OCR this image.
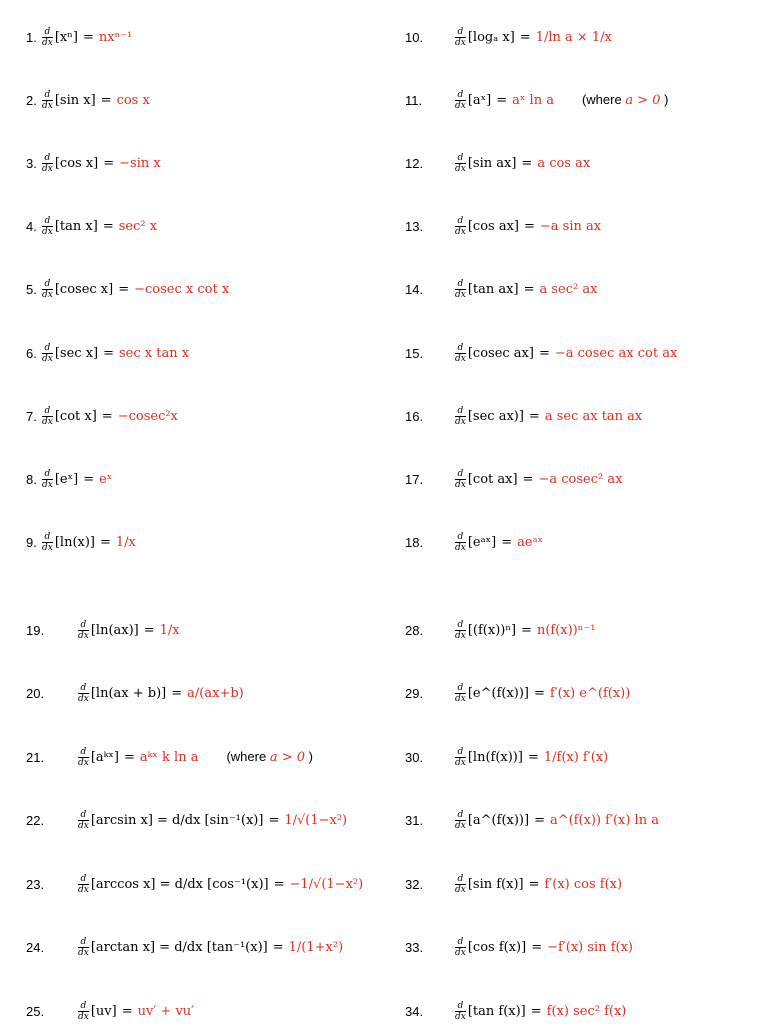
1. $\frac{d}{dx} [x^n] = nx^{n-1}$
2. $\frac{d}{dx} [\sin$ x] = cos x
3. $\frac{d}{dx} [\cos$ x] = −sin x
4. $\frac{d}{dx} [\tan$ x] = sec² x
5. $\frac{d}{dx} [cosec$ x] = −cosec x cot x
6. $\frac{d}{dx} [\sec$ x] = sec x tan x
7. $\frac{d}{dx} [\cot$ x] = −cosec²x
8. $\frac{d}{dx}$ [eˣ] = eˣ
9. $\frac{d}{dx} [\ln(x)] = 1/x$
10.	$\frac{d}{dx} [\log_a$ x] = 1/ln a × 1/x
11.	$\frac{d}{dx}$ [aˣ] = aˣ ln a (where a > 0 )
12.	$\frac{d}{dx} [\sin$ ax] = a cos ax
13.	$\frac{d}{dx} [\cos$ ax] = −a sin ax
14.	$\frac{d}{dx} [\tan$ ax] = a sec² ax
15.	$\frac{d}{dx} [cosec$ ax] = −a cosec ax cot ax
16.	$\frac{d}{dx} [\sec$ ax)] = a sec ax tan ax
17.	$\frac{d}{dx} [\cot$ ax] = −a cosec² ax
18.	$\frac{d}{dx}$ [eᵃˣ] = aeᵃˣ
19.	$\frac{d}{dx} [\ln(ax)] = 1/x$
20.	$\frac{d}{dx} [\ln(ax + b)] = a/(ax+b)$
21.	$\frac{d}{dx}$ [aᵏˣ] = aᵏˣ k ln a (where a > 0 )
22.	$\frac{d}{dx} [\arcsin$ x] = d/dx [sin⁻¹(x)] = 1/√(1−x²)
23.	$\frac{d}{dx} [\arccos$ x] = d/dx [cos⁻¹(x)] = −1/√(1−x²)
24.	$\frac{d}{dx} [\arctan$ x] = d/dx [tan⁻¹(x)] = 1/(1+x²)
25.	$\frac{d}{dx} [uv] = uv' + vu'$
28.	$\frac{d}{dx} [(f(x))^n] = n(f(x))^{n-1}$
29.	$\frac{d}{dx}$ [e^(f(x))] = f′(x) e^(f(x))
30.	$\frac{d}{dx} [\ln(f(x))] = 1/f(x)$ f′(x)
31.	$\frac{d}{dx}$ [a^(f(x))] = a^(f(x)) f′(x) ln a
32.	$\frac{d}{dx} [\sin$ f(x)] = f′(x) cos f(x)
33.	$\frac{d}{dx} [\cos$ f(x)] = −f′(x) sin f(x)
34.	$\frac{d}{dx} [\tan$ f(x)] = f(x) sec² f(x)
